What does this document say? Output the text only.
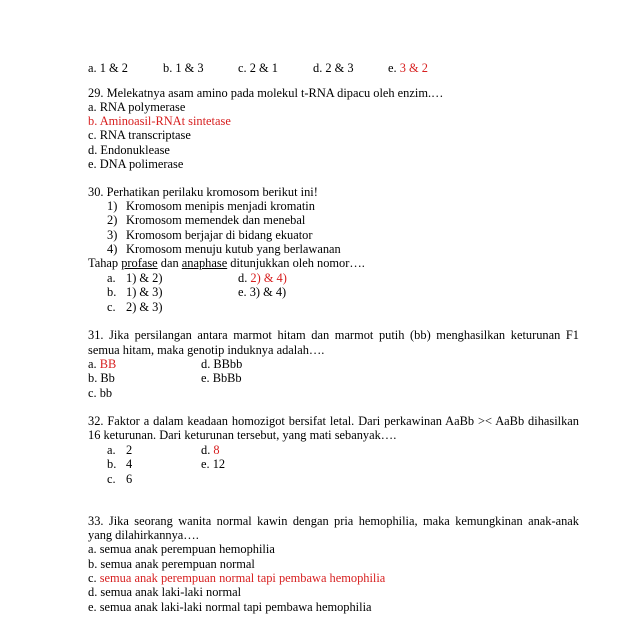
a. 1 & 2	b. 1 & 3	c. 2 & 1	d. 2 & 3	e. 3 & 2
29. Melekatnya asam amino pada molekul t-RNA dipacu oleh enzim.…
a. RNA polymerase
b. Aminoasil-RNAt sintetase
c. RNA transcriptase
d. Endonuklease
e. DNA polimerase
30. Perhatikan perilaku kromosom berikut ini!
1) Kromosom menipis menjadi kromatin
2) Kromosom memendek dan menebal
3) Kromosom berjajar di bidang ekuator
4) Kromosom menuju kutub yang berlawanan
Tahap profase dan anaphase ditunjukkan oleh nomor….
a. 1) & 2)	d. 2) & 4)
b. 1) & 3)	e. 3) & 4)
c. 2) & 3)
31. Jika persilangan antara marmot hitam dan marmot putih (bb) menghasilkan keturunan F1
semua hitam, maka genotip induknya adalah….
a. BB	d. BBbb
b. Bb	e. BbBb
c. bb
32. Faktor a dalam keadaan homozigot bersifat letal. Dari perkawinan AaBb >< AaBb dihasilkan
16 keturunan. Dari keturunan tersebut, yang mati sebanyak….
a. 2	d. 8
b. 4	e. 12
c. 6
33. Jika seorang wanita normal kawin dengan pria hemophilia, maka kemungkinan anak-anak
yang dilahirkannya….
a. semua anak perempuan hemophilia
b. semua anak perempuan normal
c. semua anak perempuan normal tapi pembawa hemophilia
d. semua anak laki-laki normal
e. semua anak laki-laki normal tapi pembawa hemophilia
